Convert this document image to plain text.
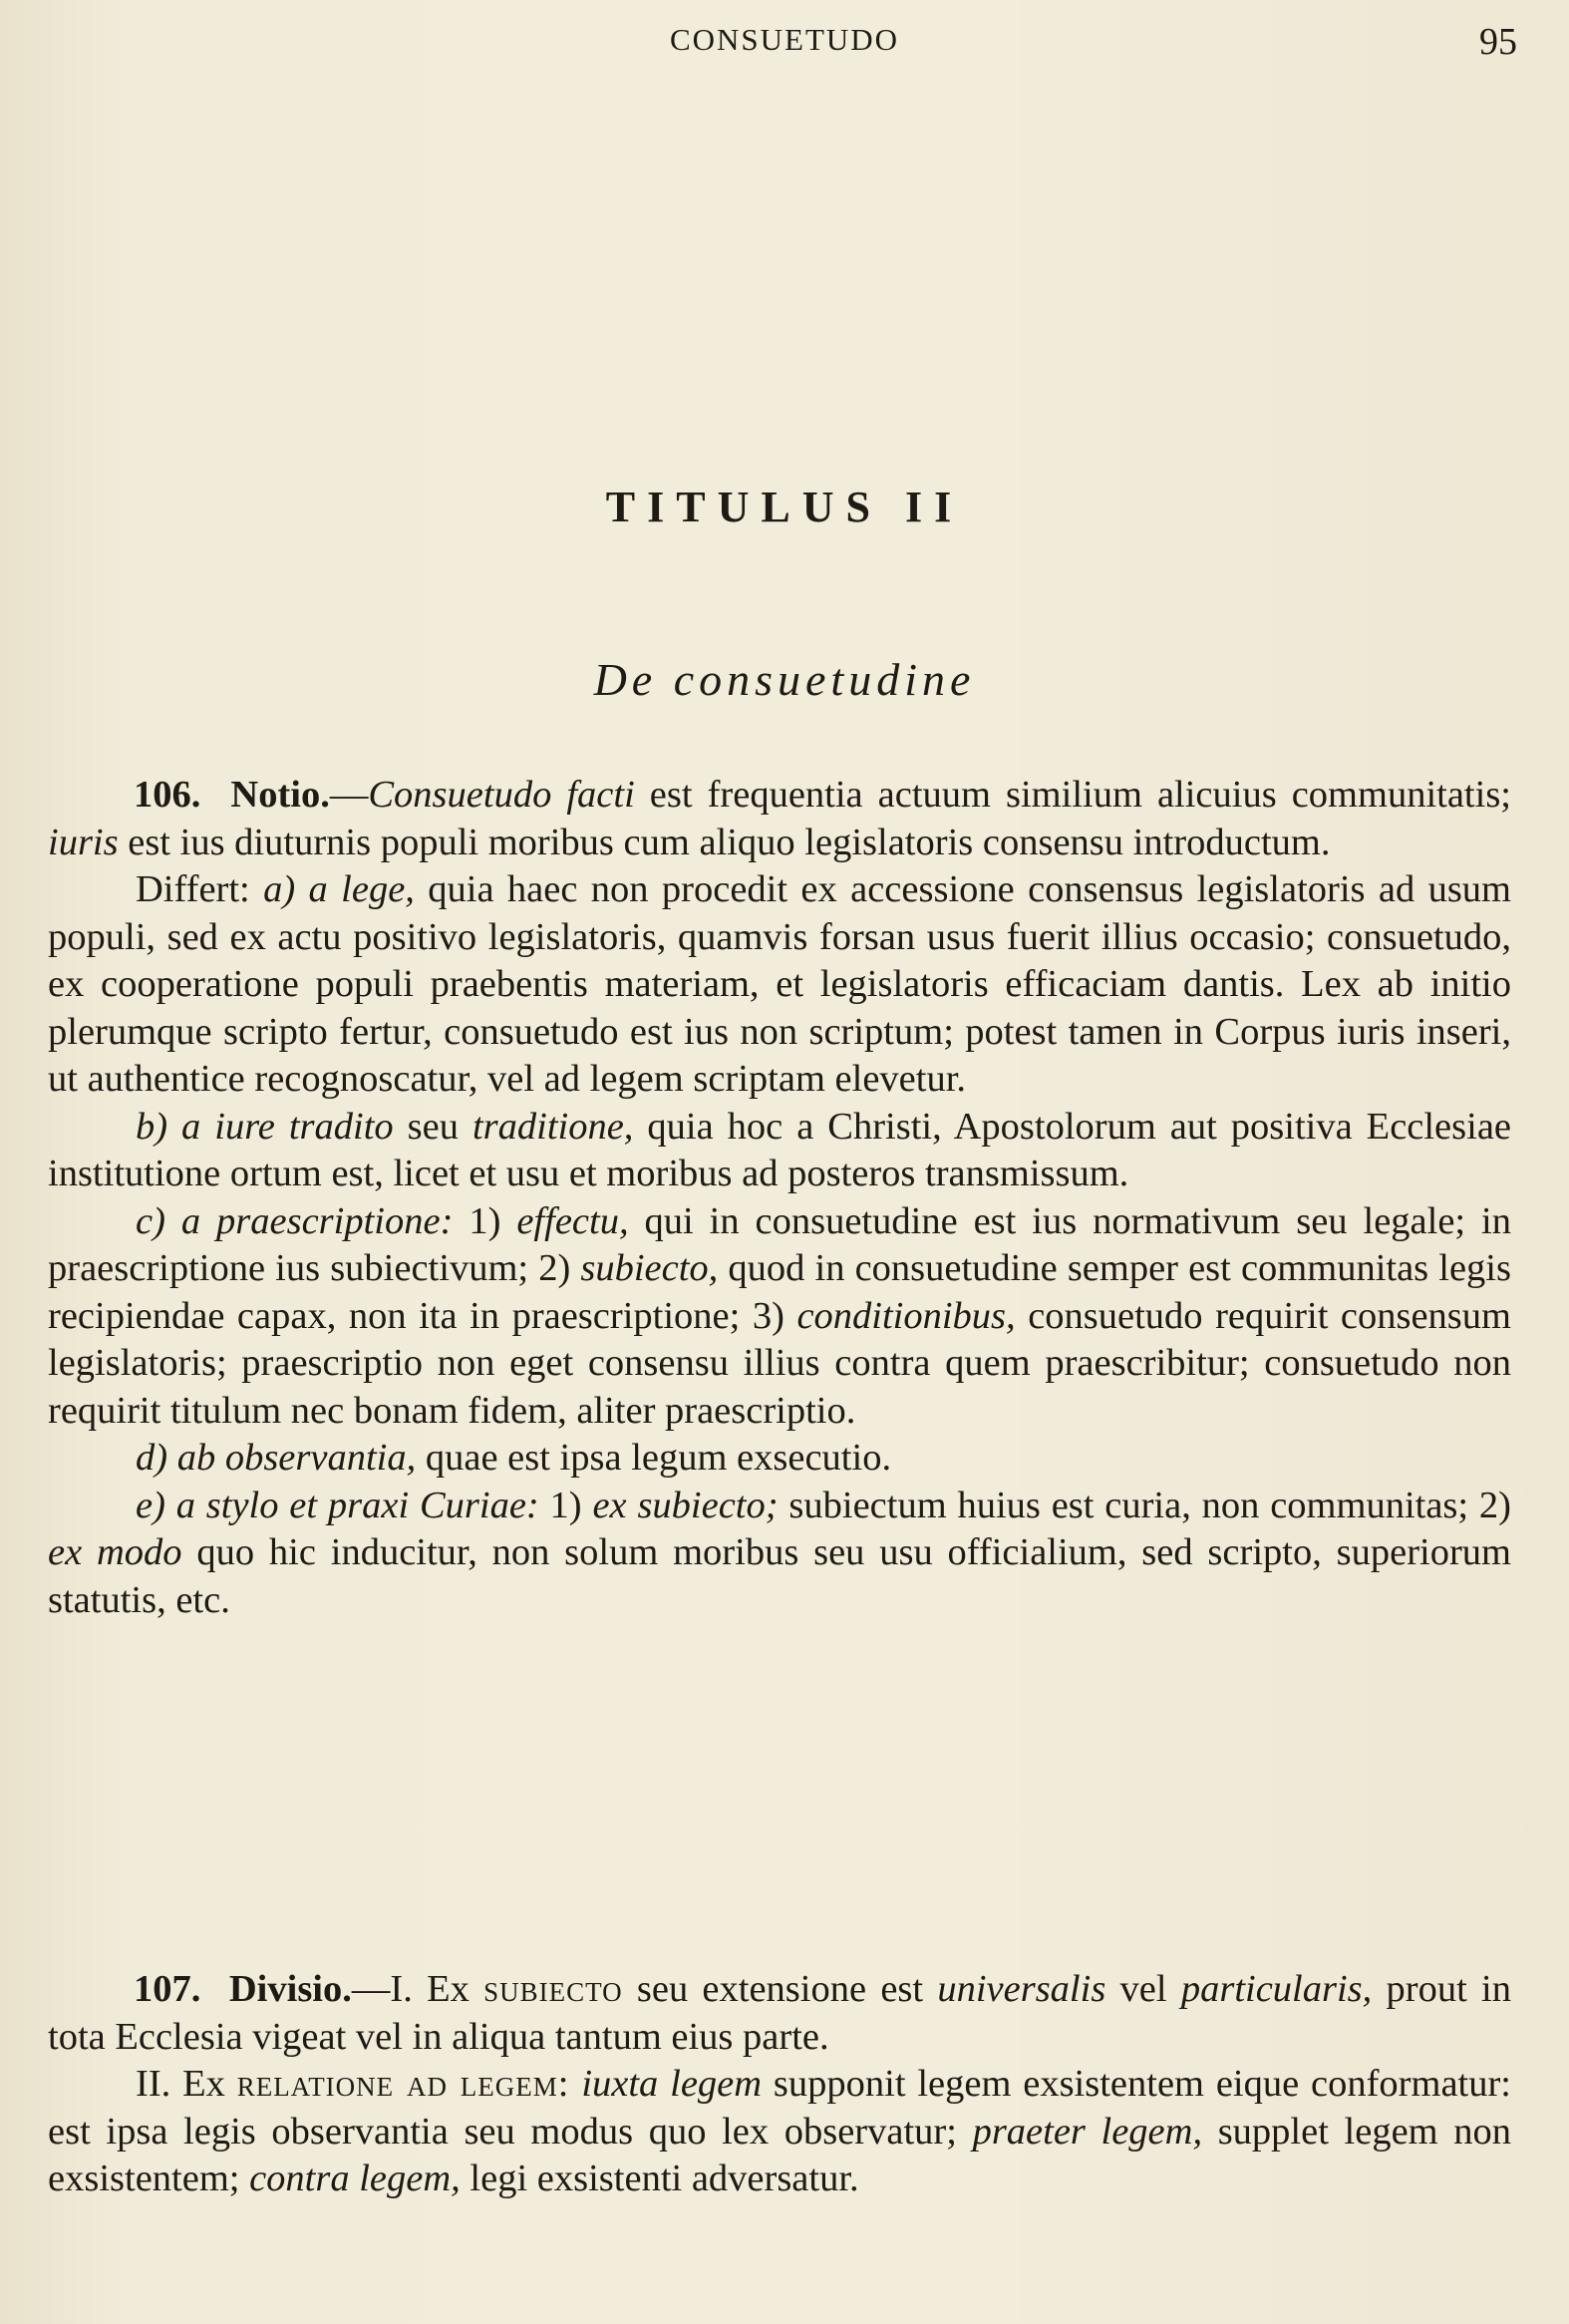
CONSUETUDO	95
TITULUS II
De consuetudine

106. Notio.—Consuetudo facti est frequentia actuum similium alicuius communitatis; iuris est ius diuturnis populi moribus cum aliquo legislatoris consensu introductum.

Differt: a) a lege, quia haec non procedit ex accessione consensus legislatoris ad usum populi, sed ex actu positivo legislatoris, quamvis forsan usus fuerit illius occasio; consuetudo, ex cooperatione populi praebentis materiam, et legislatoris efficaciam dantis. Lex ab initio plerumque scripto fertur, consuetudo est ius non scriptum; potest tamen in Corpus iuris inseri, ut authentice recognoscatur, vel ad legem scriptam elevetur.

b) a iure tradito seu traditione, quia hoc a Christi, Apostolorum aut positiva Ecclesiae institutione ortum est, licet et usu et moribus ad posteros transmissum.

c) a praescriptione: 1) effectu, qui in consuetudine est ius normativum seu legale; in praescriptione ius subiectivum; 2) subiecto, quod in consuetudine semper est communitas legis recipiendae capax, non ita in praescriptione; 3) conditionibus, consuetudo requirit consensum legislatoris; praescriptio non eget consensu illius contra quem praescribitur; consuetudo non requirit titulum nec bonam fidem, aliter praescriptio.

d) ab observantia, quae est ipsa legum exsecutio.

e) a stylo et praxi Curiae: 1) ex subiecto; subiectum huius est curia, non communitas; 2) ex modo quo hic inducitur, non solum moribus seu usu officialium, sed scripto, superiorum statutis, etc.

107. Divisio.—I. Ex subiecto seu extensione est universalis vel particularis, prout in tota Ecclesia vigeat vel in aliqua tantum eius parte.

II. Ex relatione ad legem: iuxta legem supponit legem exsistentem eique conformatur: est ipsa legis observantia seu modus quo lex observatur; praeter legem, supplet legem non exsistentem; contra legem, legi exsistenti adversatur.
